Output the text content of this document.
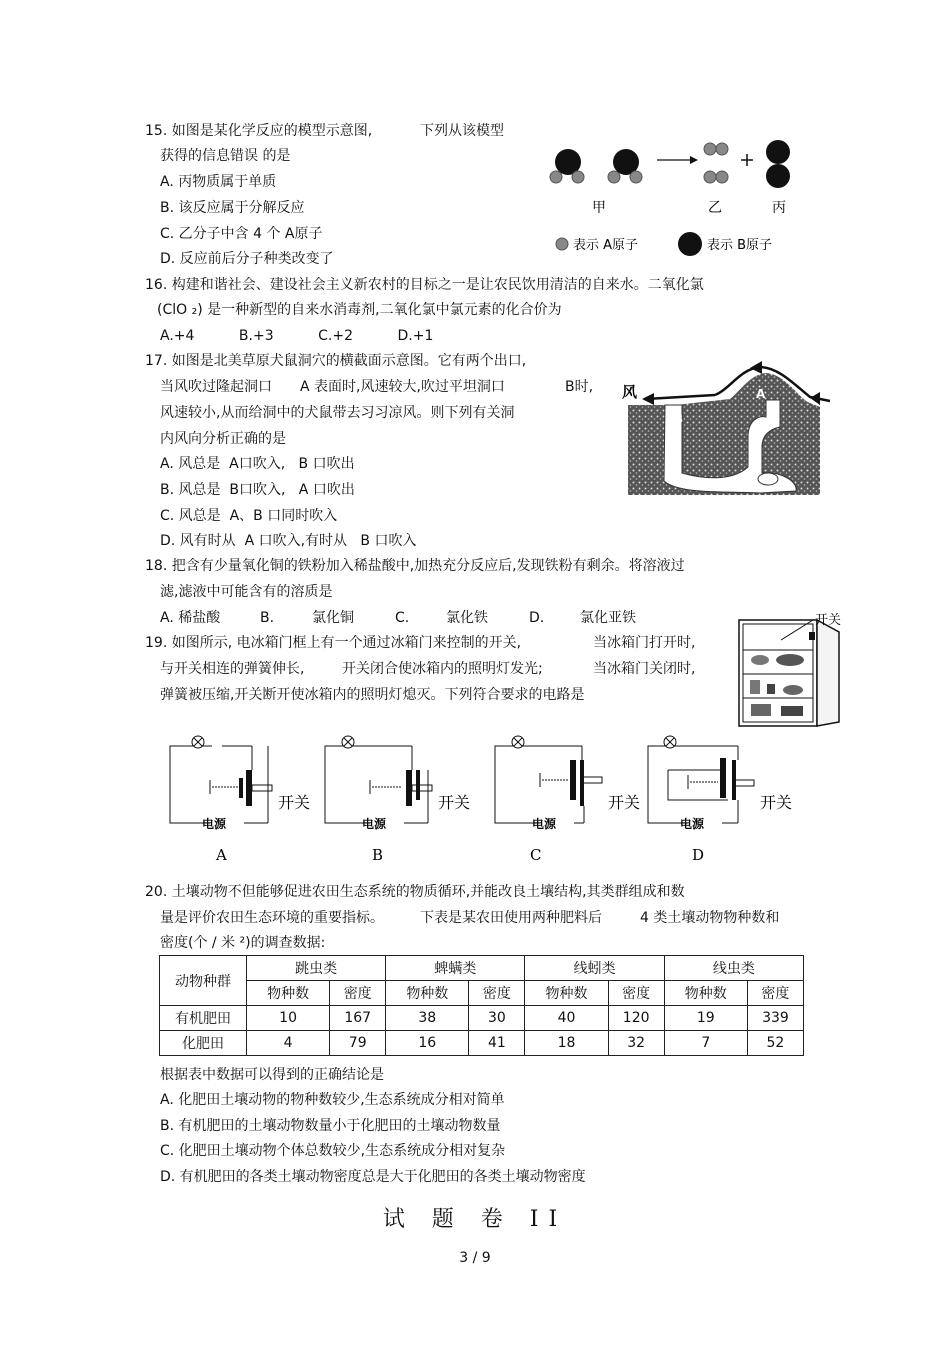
15. 如图是某化学反应的模型示意图,	下列从该模型
获得的信息错误 的是
A. 丙物质属于单质
B. 该反应属于分解反应
C. 乙分子中含 4 个 A原子
D. 反应前后分子种类改变了
甲	乙	丙
表示 A原子	表示 B原子
16. 构建和谐社会、建设社会主义新农村的目标之一是让农民饮用清洁的自来水。二氧化氯
(ClO ₂) 是一种新型的自来水消毒剂,二氧化氯中氯元素的化合价为
A.+4          B.+3          C.+2          D.+1
17. 如图是北美草原犬鼠洞穴的横截面示意图。它有两个出口,
当风吹过隆起洞口 A 表面时,风速较大,吹过平坦洞口	B时,
风速较小,从而给洞中的犬鼠带去习习凉风。则下列有关洞
内风向分析正确的是
A. 风总是  A口吹入,   B 口吹出
B. 风总是  B口吹入,   A 口吹出
C. 风总是  A、B 口同时吹入
D. 风有时从  A 口吹入,有时从   B 口吹入
风	A
B
18. 把含有少量氧化铜的铁粉加入稀盐酸中,加热充分反应后,发现铁粉有剩余。将溶液过
滤,滤液中可能含有的溶质是
A. 稀盐酸	B.	氯化铜	C.	氯化铁	D.	氯化亚铁
19. 如图所示, 电冰箱门框上有一个通过冰箱门来控制的开关,	当冰箱门打开时,
与开关相连的弹簧伸长,	开关闭合使冰箱内的照明灯发光;	当冰箱门关闭时,
弹簧被压缩,开关断开使冰箱内的照明灯熄灭。下列符合要求的电路是
开关
电源
开关
A
电源
开关
B
电源
开关
C
电源
开关
D
20. 土壤动物不但能够促进农田生态系统的物质循环,并能改良土壤结构,其类群组成和数
量是评价农田生态环境的重要指标。	下表是某农田使用两种肥料后	4 类土壤动物物种数和
密度(个 / 米 ²)的调查数据:
动物种群	跳虫类		蜱螨类		线蚓类		线虫类	
	物种数	密度	物种数	密度	物种数	密度	物种数	密度
有机肥田	10	167	38	30	40	120	19	339
化肥田	4	79	16	41	18	32	7	52
根据表中数据可以得到的正确结论是
A. 化肥田土壤动物的物种数较少,生态系统成分相对简单
B. 有机肥田的土壤动物数量小于化肥田的土壤动物数量
C. 化肥田土壤动物个体总数较少,生态系统成分相对复杂
D. 有机肥田的各类土壤动物密度总是大于化肥田的各类土壤动物密度
试 题 卷 II
3 / 9
